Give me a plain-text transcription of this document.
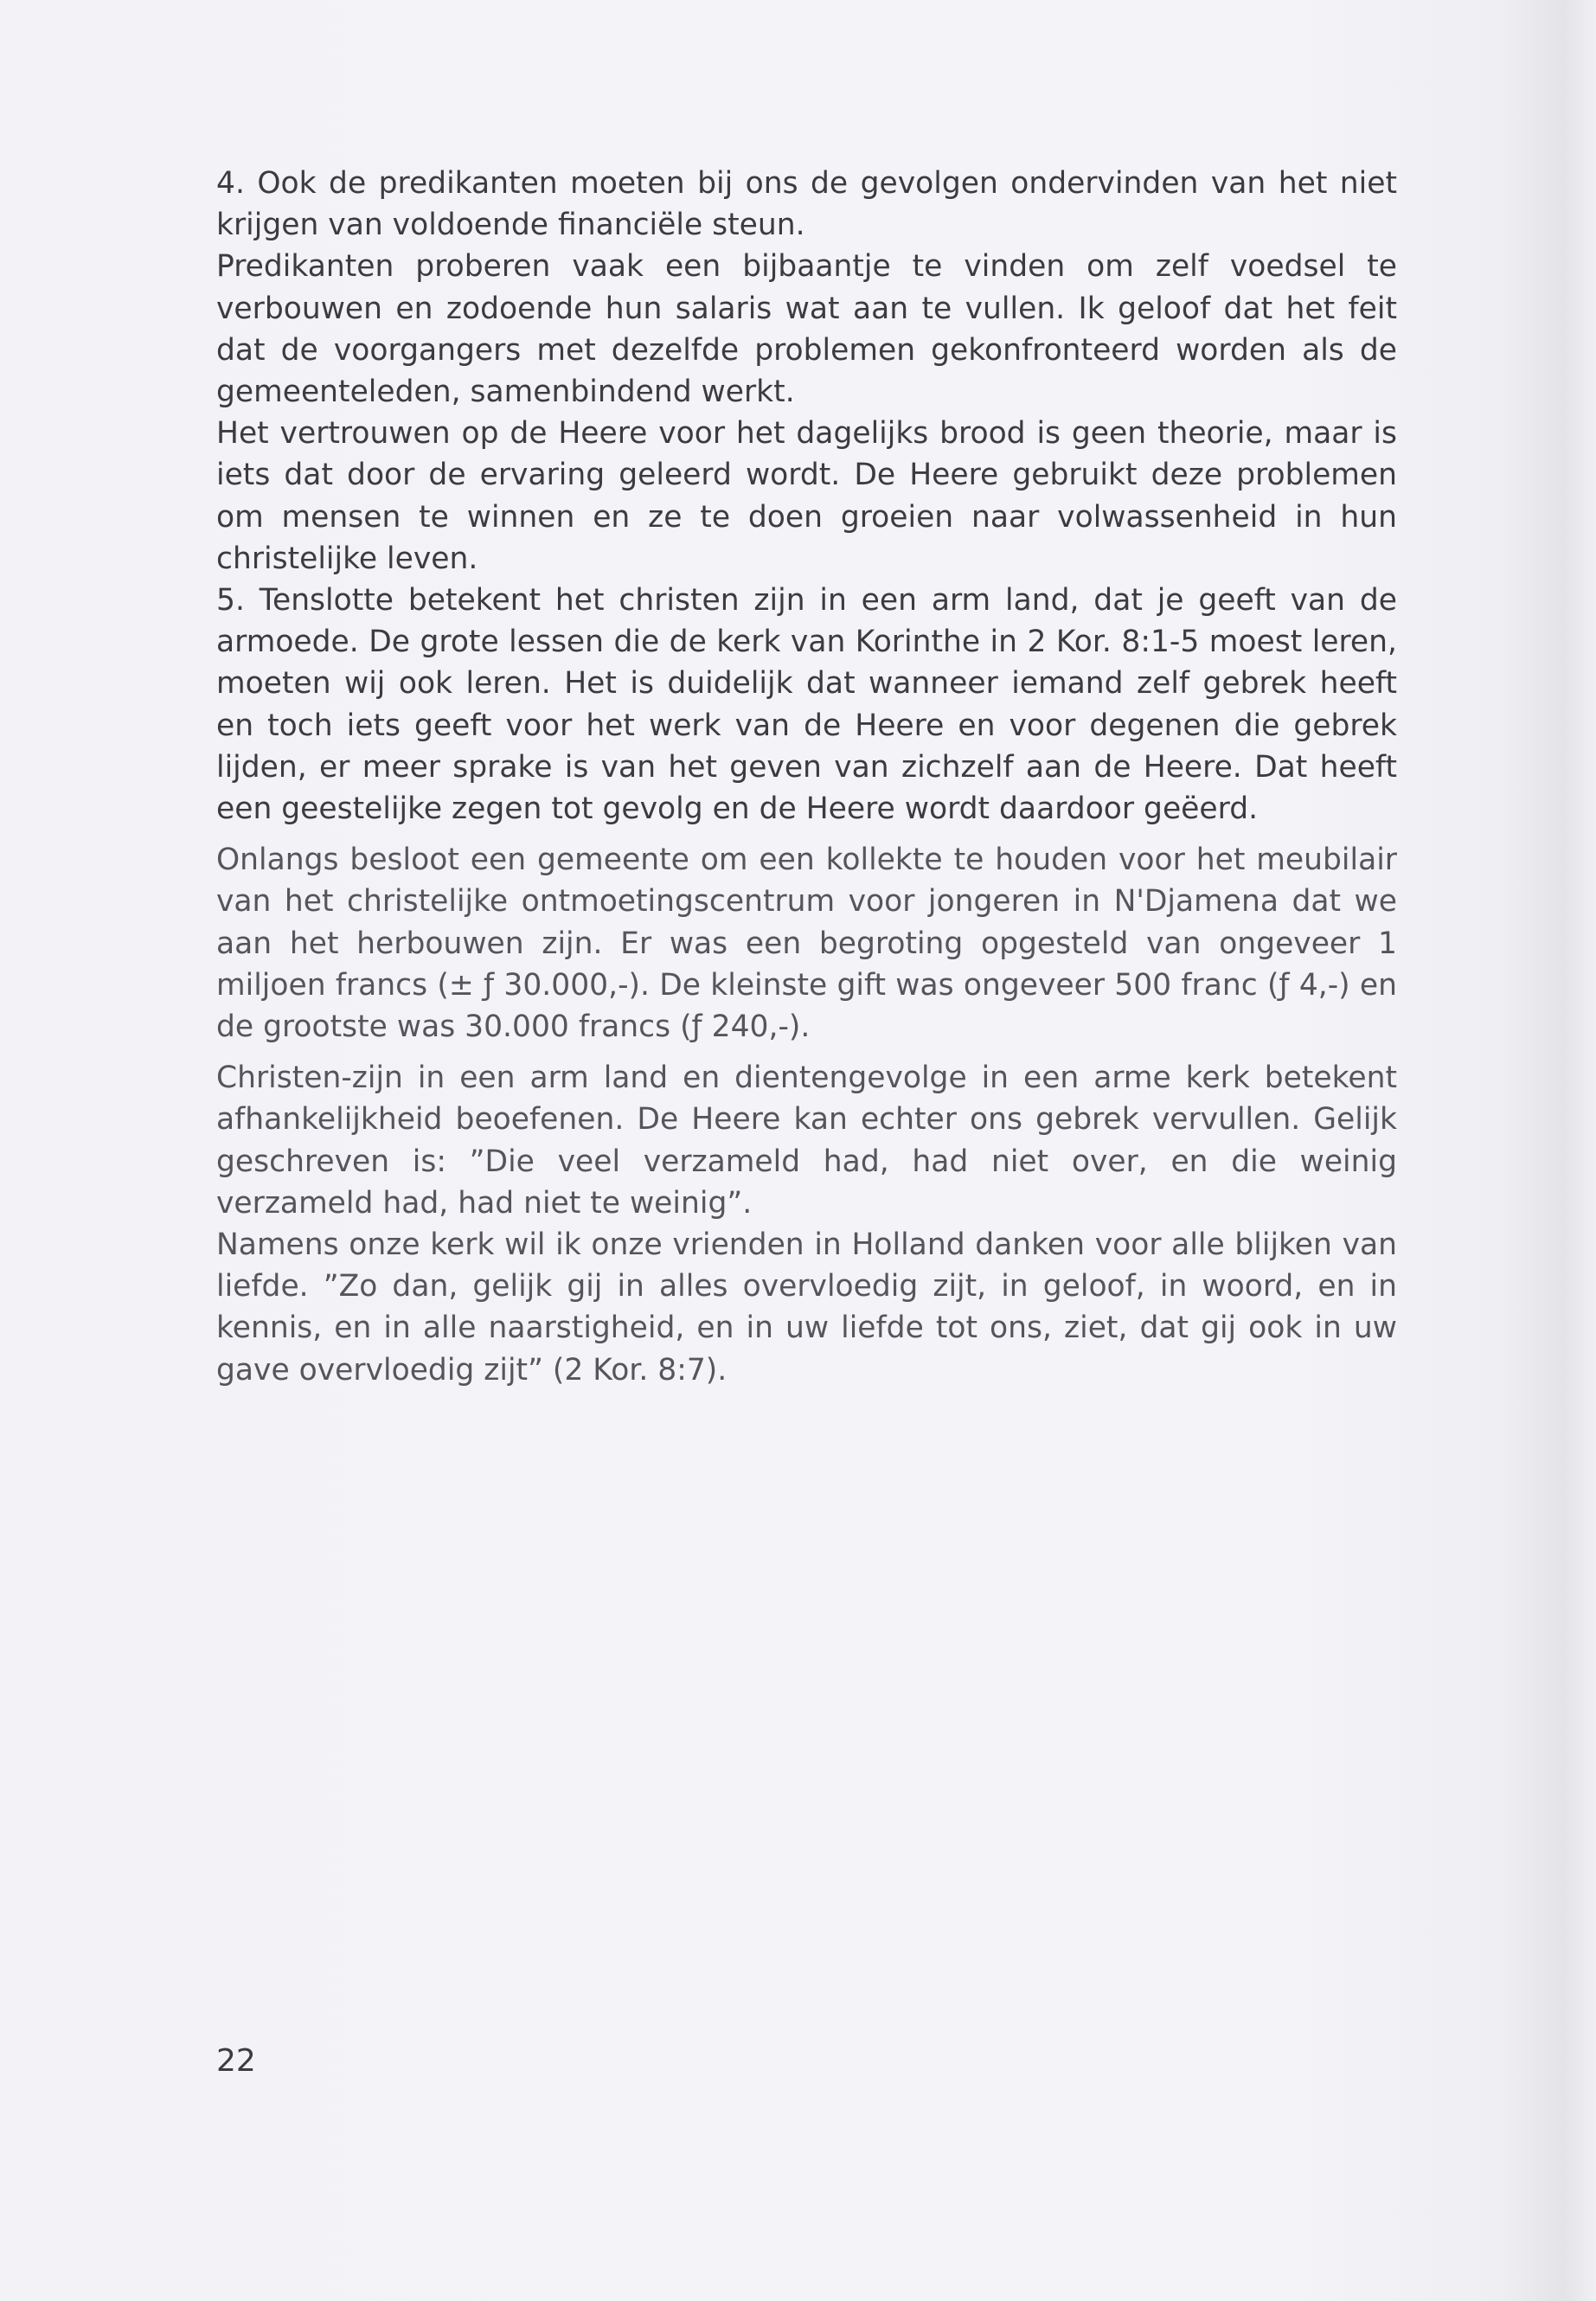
4. Ook de predikanten moeten bij ons de gevolgen ondervinden van het niet krijgen van voldoende financiële steun.

Predikanten proberen vaak een bijbaantje te vinden om zelf voedsel te verbouwen en zodoende hun salaris wat aan te vullen. Ik geloof dat het feit dat de voorgangers met dezelfde problemen gekonfronteerd worden als de gemeenteleden, samenbindend werkt.

Het vertrouwen op de Heere voor het dagelijks brood is geen theorie, maar is iets dat door de ervaring geleerd wordt. De Heere gebruikt deze problemen om mensen te winnen en ze te doen groeien naar volwassenheid in hun christelijke leven.

5. Tenslotte betekent het christen zijn in een arm land, dat je geeft van de armoede. De grote lessen die de kerk van Korinthe in 2 Kor. 8:1-5 moest leren, moeten wij ook leren. Het is duidelijk dat wanneer iemand zelf gebrek heeft en toch iets geeft voor het werk van de Heere en voor degenen die gebrek lijden, er meer sprake is van het geven van zichzelf aan de Heere. Dat heeft een geestelijke zegen tot gevolg en de Heere wordt daardoor geëerd.

Onlangs besloot een gemeente om een kollekte te houden voor het meubilair van het christelijke ontmoetingscentrum voor jongeren in N'Djamena dat we aan het herbouwen zijn. Er was een begroting opgesteld van ongeveer 1 miljoen francs (± ƒ 30.000,-). De kleinste gift was ongeveer 500 franc (ƒ 4,-) en de grootste was 30.000 francs (ƒ 240,-).

Christen-zijn in een arm land en dientengevolge in een arme kerk betekent afhankelijkheid beoefenen. De Heere kan echter ons gebrek vervullen. Gelijk geschreven is: ”Die veel verzameld had, had niet over, en die weinig verzameld had, had niet te weinig”.

Namens onze kerk wil ik onze vrienden in Holland danken voor alle blijken van liefde. ”Zo dan, gelijk gij in alles overvloedig zijt, in geloof, in woord, en in kennis, en in alle naarstigheid, en in uw liefde tot ons, ziet, dat gij ook in uw gave overvloedig zijt” (2 Kor. 8:7).

22
